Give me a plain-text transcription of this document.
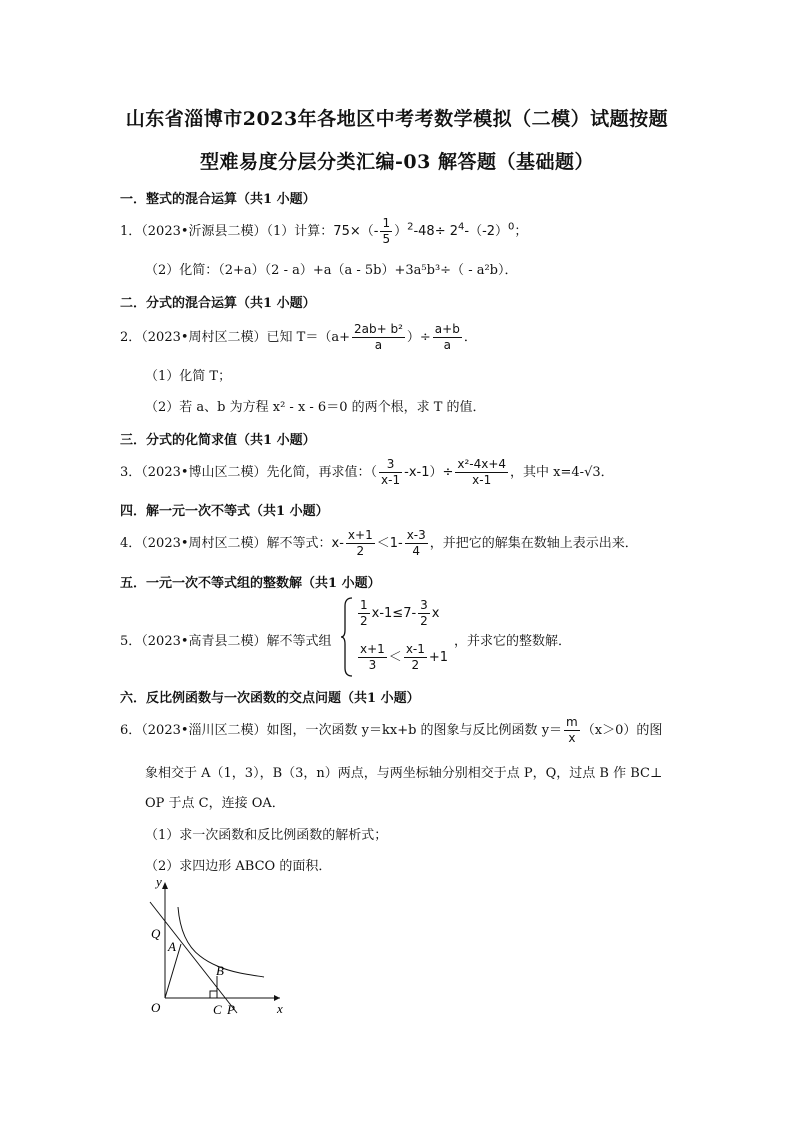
山东省淄博市2023年各地区中考考数学模拟（二模）试题按题
型难易度分层分类汇编-03 解答题（基础题）
一．整式的混合运算（共1 小题）
1．（2023•沂源县二模）（1）计算：$75\times(- \frac{1}{5} )^2-48\div 2^4-(-2)^0$；
（2）化简：（2+a）（2 - a）+a（a - 5b）+3a⁵b³÷（ - a²b）．
二．分式的混合运算（共1 小题）
2．（2023•周村区二模）已知 $T=(a+ \frac{\text{2ab+ b²}}{a}$ ）÷ $\frac{a+b}{a}$ ．
（1）化简 T；
（2）若 a、b 为方程 x² - x - 6＝0 的两个根，求 T 的值．
三．分式的化简求值（共1 小题）
3．（2023•博山区二模）先化简，再求值：（ $\frac{3}{x-1} -x-1)\div \frac{\text{x²-4x+4}}{x-1}$ ，其中 x=4-√3．
四．解一元一次不等式（共1 小题）
4．（2023•周村区二模）解不等式：$x- \frac{x+1}{2} <1- \frac{x-3}{4}$ ，并把它的解集在数轴上表示出来．
五．一元一次不等式组的整数解（共1 小题）
5．（2023•高青县二模）解不等式组
$\frac{1}{2} x-1\le 7- \frac{3}{2}$ x
$\frac{x+1}{3} < \frac{x-1}{2} +1$
，并求它的整数解．
六．反比例函数与一次函数的交点问题（共1 小题）
6．（2023•淄川区二模）如图，一次函数 y＝kx+b 的图象与反比例函数 $y= \frac{m}{x} (x>0)$的图
象相交于 A（1，3），B（3，n）两点，与两坐标轴分别相交于点 P，Q，过点 B 作 BC⊥
OP 于点 C，连接 OA．
（1）求一次函数和反比例函数的解析式；
（2）求四边形 ABCO 的面积．
y
x
Q
A
B
O	C P
